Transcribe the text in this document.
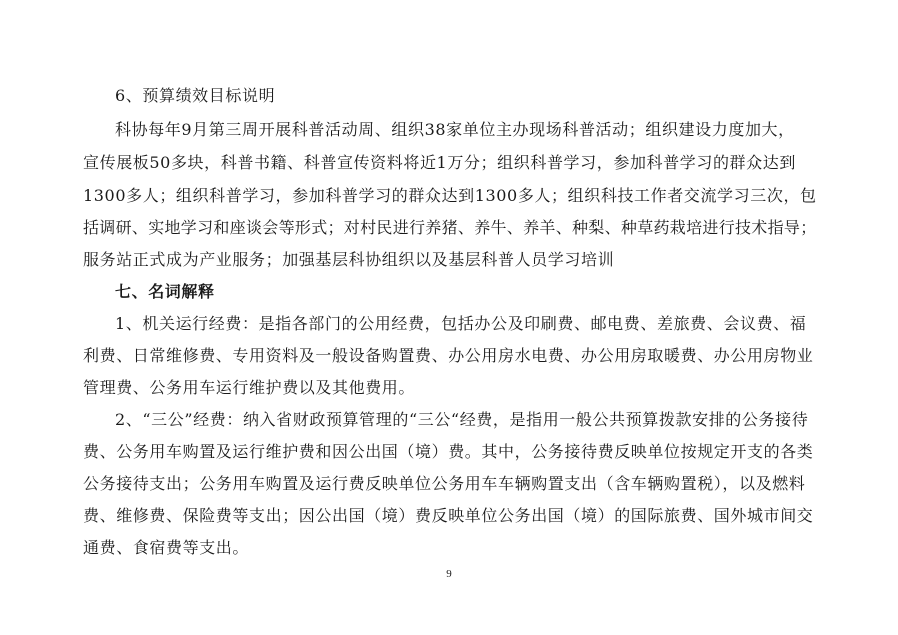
6、预算绩效目标说明
科协每年9月第三周开展科普活动周、组织38家单位主办现场科普活动；组织建设力度加大，
宣传展板50多块，科普书籍、科普宣传资料将近1万分；组织科普学习，参加科普学习的群众达到
1300多人；组织科普学习，参加科普学习的群众达到1300多人；组织科技工作者交流学习三次，包
括调研、实地学习和座谈会等形式；对村民进行养猪、养牛、养羊、种梨、种草药栽培进行技术指导；
服务站正式成为产业服务；加强基层科协组织以及基层科普人员学习培训
七、名词解释
1、机关运行经费：是指各部门的公用经费，包括办公及印刷费、邮电费、差旅费、会议费、福
利费、日常维修费、专用资料及一般设备购置费、办公用房水电费、办公用房取暖费、办公用房物业
管理费、公务用车运行维护费以及其他费用。
2、“三公”经费：纳入省财政预算管理的“三公“经费，是指用一般公共预算拨款安排的公务接待
费、公务用车购置及运行维护费和因公出国（境）费。其中，公务接待费反映单位按规定开支的各类
公务接待支出；公务用车购置及运行费反映单位公务用车车辆购置支出（含车辆购置税），以及燃料
费、维修费、保险费等支出；因公出国（境）费反映单位公务出国（境）的国际旅费、国外城市间交
通费、食宿费等支出。
9
